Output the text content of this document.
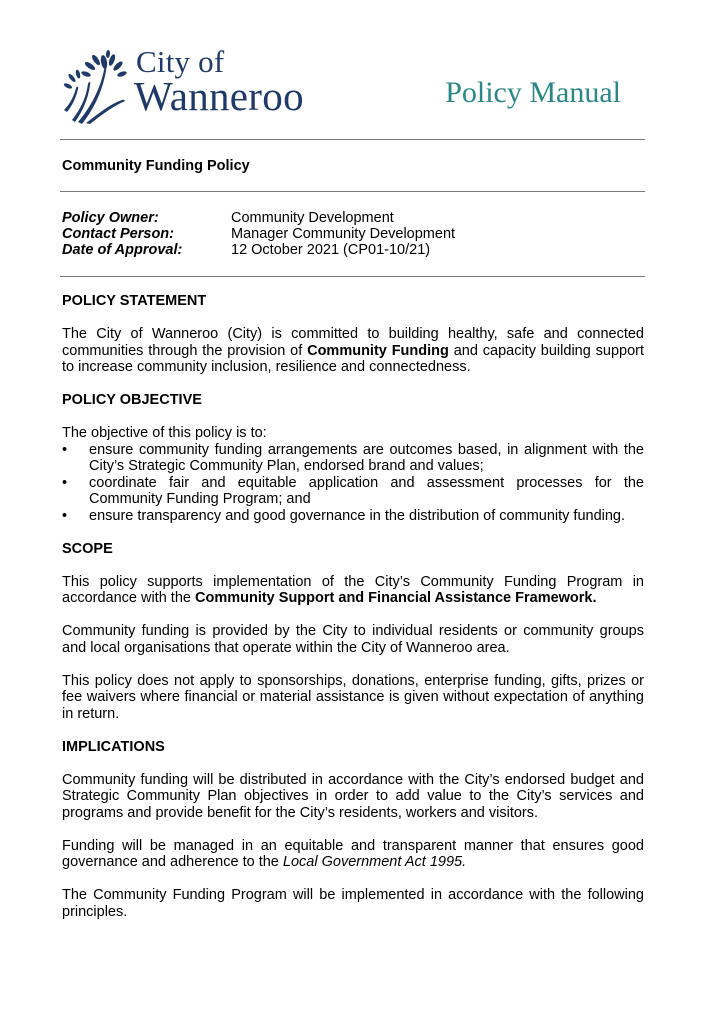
City of
Wanneroo	Policy Manual
Community Funding Policy
Policy Owner:	Community Development
Contact Person:	Manager Community Development
Date of Approval:	12 October 2021 (CP01-10/21)
POLICY STATEMENT

The City of Wanneroo (City) is committed to building healthy, safe and connected communities through the provision of Community Funding and capacity building support to increase community inclusion, resilience and connectedness.

POLICY OBJECTIVE

The objective of this policy is to:

• ensure community funding arrangements are outcomes based, in alignment with the City’s Strategic Community Plan, endorsed brand and values;
• coordinate fair and equitable application and assessment processes for the Community Funding Program; and
• ensure transparency and good governance in the distribution of community funding.
SCOPE

This policy supports implementation of the City’s Community Funding Program in accordance with the Community Support and Financial Assistance Framework.

Community funding is provided by the City to individual residents or community groups and local organisations that operate within the City of Wanneroo area.

This policy does not apply to sponsorships, donations, enterprise funding, gifts, prizes or fee waivers where financial or material assistance is given without expectation of anything in return.

IMPLICATIONS

Community funding will be distributed in accordance with the City’s endorsed budget and Strategic Community Plan objectives in order to add value to the City’s services and programs and provide benefit for the City’s residents, workers and visitors.

Funding will be managed in an equitable and transparent manner that ensures good governance and adherence to the Local Government Act 1995.

The Community Funding Program will be implemented in accordance with the following principles.
